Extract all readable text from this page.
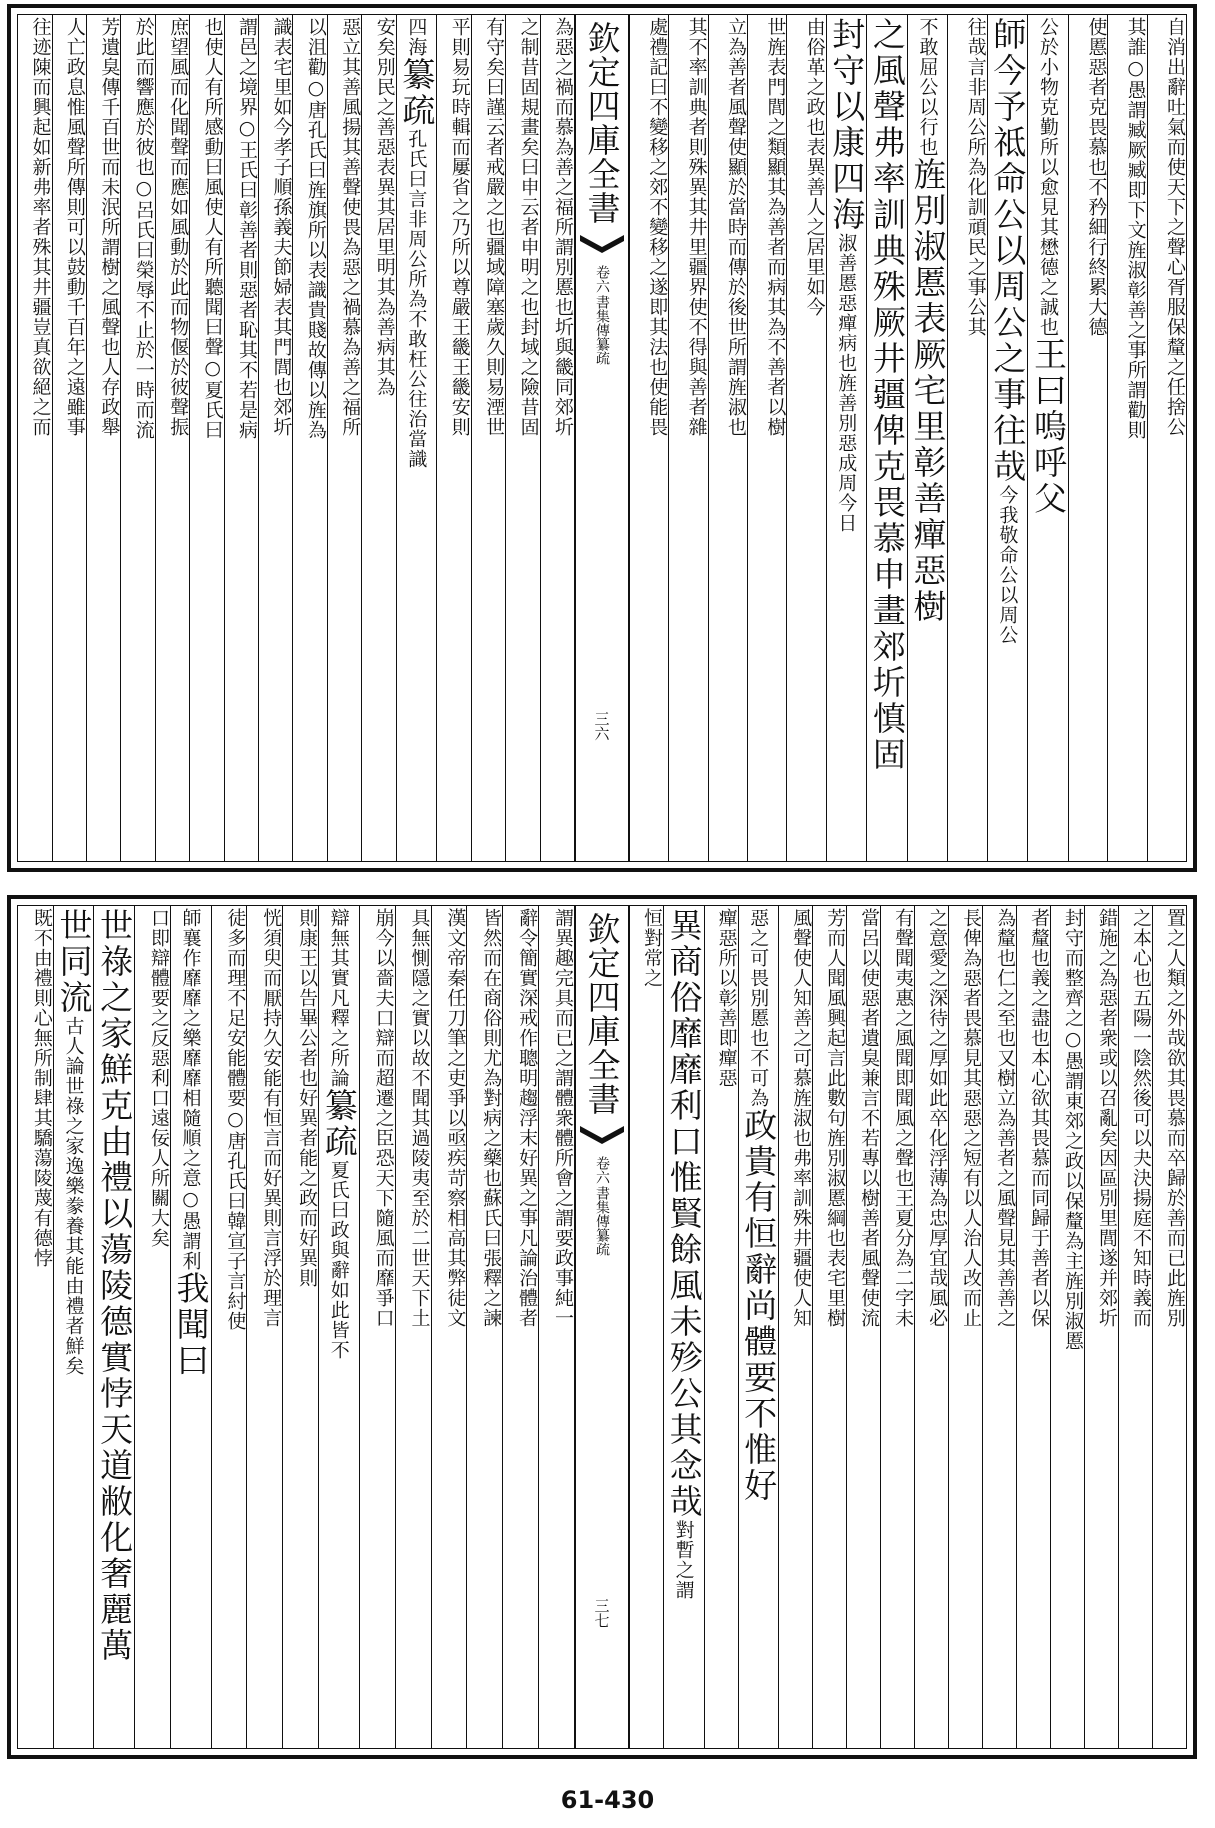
自消出辭吐氣而使天下之聲心胥服保釐之任捨公
其誰○愚謂臧厥臧即下文旌淑彰善之事所謂勸則
使慝惡者克畏慕也不矜細行終累大德
公於小物克勤所以愈見其懋德之誠也王曰嗚呼父
師今予祗命公以周公之事往哉今我敬命公以周公
往哉言非周公所為化訓頑民之事公其
不敢屈公以行也旌別淑慝表厥宅里彰善癉惡樹
之風聲弗率訓典殊厥井疆俾克畏慕申畫郊圻慎固
封守以康四海淑善慝惡癉病也旌善別惡成周今日
由俗革之政也表異善人之居里如今
世旌表門閭之類顯其為善者而病其為不善者以樹
立為善者風聲使顯於當時而傳於後世所謂旌淑也
其不率訓典者則殊異其井里疆界使不得與善者雜
處禮記曰不變移之郊不變移之遂即其法也使能畏
欽定四庫全書
書集傳纂疏
卷六
三六
為惡之禍而慕為善之福所謂別慝也圻與畿同郊圻
之制昔固規畫矣曰申云者申明之也封域之險昔固
有守矣曰謹云者戒嚴之也疆域障塞歲久則易湮世
平則易玩時輯而屢省之乃所以尊嚴王畿王畿安則
四海纂疏孔氏曰言非周公所為不敢枉公往治當識
安矣別民之善惡表異其居里明其為善病其為
惡立其善風揚其善聲使畏為惡之禍慕為善之福所
以沮勸○唐孔氏曰旌旗所以表識貴賤故傳以旌為
識表宅里如今孝子順孫義夫節婦表其門閭也郊圻
謂邑之境界○王氏曰彰善者則惡者恥其不若是病
也使人有所感動曰風使人有所聽聞曰聲○夏氏曰
庶望風而化聞聲而應如風動於此而物偃於彼聲振
於此而響應於彼也○呂氏曰榮辱不止於一時而流
芳遺臭傳千百世而未泯所謂樹之風聲也人存政舉
人亡政息惟風聲所傳則可以鼓動千百年之遠雖事
往迹陳而興起如新弗率者殊其井疆豈真欲絕之而
置之人類之外哉欲其畏慕而卒歸於善而已此旌別
之本心也五陽一陰然後可以夬決揚庭不知時義而
錯施之為惡者衆或以召亂矣因區別里閭遂并郊圻
封守而整齊之○愚謂東郊之政以保釐為主旌別淑慝
者釐也義之盡也本心欲其畏慕而同歸于善者以保
為釐也仁之至也又樹立為善者之風聲見其善善之
長俾為惡者畏慕見其惡惡之短有以人治人改而止
之意愛之深待之厚如此卒化浮薄為忠厚宜哉風必
有聲聞夷惠之風聞即聞風之聲也王夏分為二字未
當呂以使惡者遺臭兼言不若專以樹善者風聲使流
芳而人聞風興起言此數句旌別淑慝綱也表宅里樹
風聲使人知善之可慕旌淑也弗率訓殊井疆使人知
惡之可畏別慝也不可為政貴有恒辭尚體要不惟好
癉惡所以彰善即癉惡
異商俗靡靡利口惟賢餘風未殄公其念哉對暫之謂
恒對常之
欽定四庫全書
書集傳纂疏
卷六
三七
謂異趣完具而已之謂體衆體所會之謂要政事純一
辭令簡實深戒作聰明趨浮末好異之事凡論治體者
皆然而在商俗則尤為對病之藥也蘇氏曰張釋之諫
漢文帝秦任刀筆之吏爭以亟疾苛察相高其弊徒文
具無惻隱之實以故不聞其過陵夷至於二世天下土
崩今以嗇夫口辯而超遷之臣恐天下隨風而靡爭口
辯無其實凡釋之所論纂疏夏氏曰政與辭如此皆不
則康王以告畢公者也好異者能之政而好異則
恍須臾而厭持久安能有恒言而好異則言浮於理言
徒多而理不足安能體要○唐孔氏曰韓宣子言紂使
師襄作靡靡之樂靡靡相隨順之意○愚謂利我聞曰
口即辯體要之反惡利口遠佞人所關大矣
世祿之家鮮克由禮以蕩陵德實悖天道敝化奢麗萬
世同流古人論世祿之家逸樂豢養其能由禮者鮮矣
既不由禮則心無所制肆其驕蕩陵蔑有德悖
61-430
